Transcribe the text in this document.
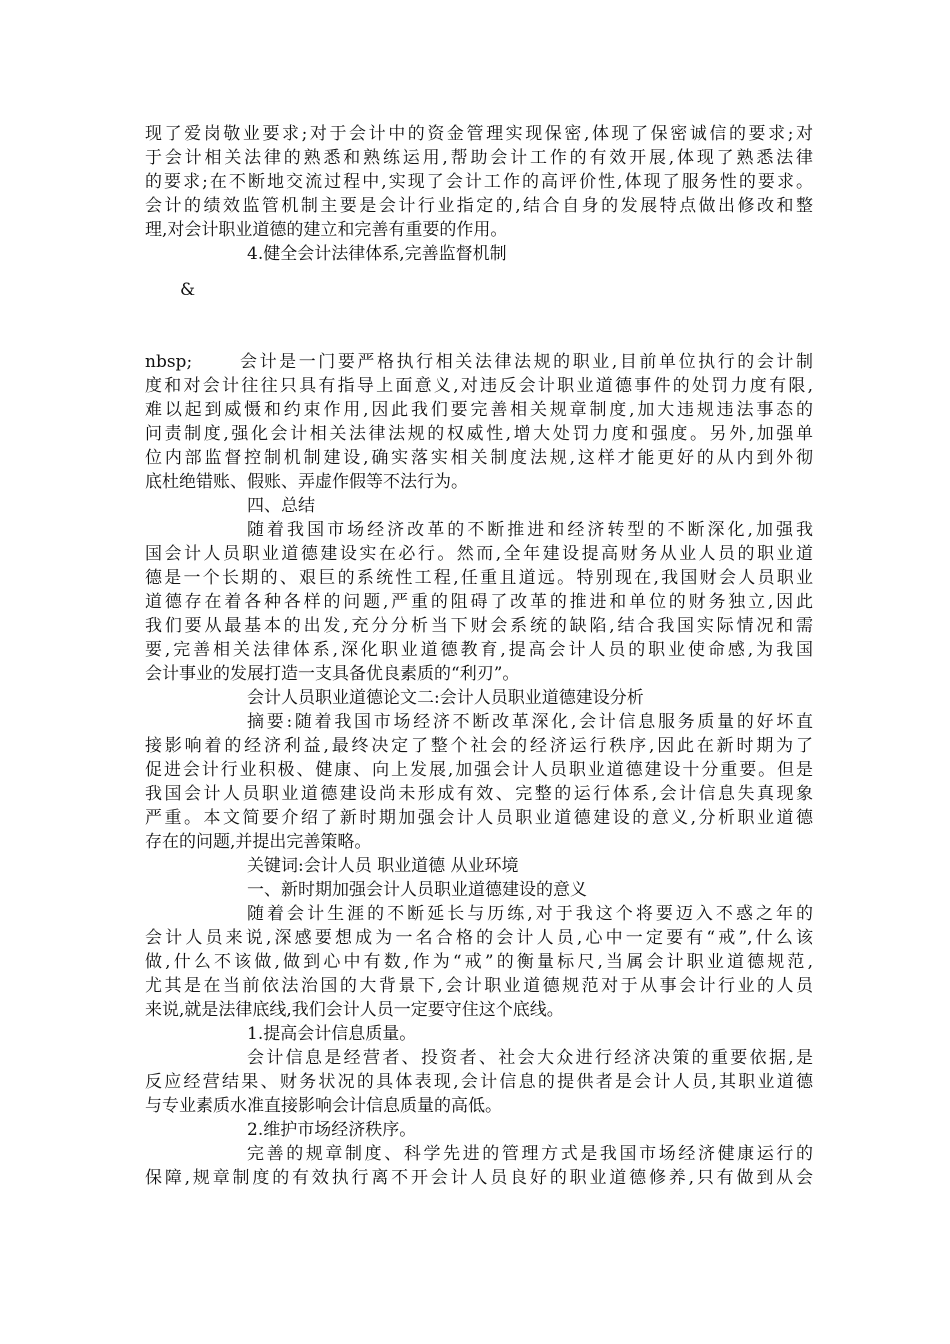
现了爱岗敬业要求;对于会计中的资金管理实现保密,体现了保密诚信的要求;对
于会计相关法律的熟悉和熟练运用,帮助会计工作的有效开展,体现了熟悉法律
的要求;在不断地交流过程中,实现了会计工作的高评价性,体现了服务性的要求。
会计的绩效监管机制主要是会计行业指定的,结合自身的发展特点做出修改和整
理,对会计职业道德的建立和完善有重要的作用。
4.健全会计法律体系,完善监督机制
&
nbsp;	会计是一门要严格执行相关法律法规的职业,目前单位执行的会计制
度和对会计往往只具有指导上面意义,对违反会计职业道德事件的处罚力度有限,
难以起到威慑和约束作用,因此我们要完善相关规章制度,加大违规违法事态的
问责制度,强化会计相关法律法规的权威性,增大处罚力度和强度。另外,加强单
位内部监督控制机制建设,确实落实相关制度法规,这样才能更好的从内到外彻
底杜绝错账、假账、弄虚作假等不法行为。
四、总结
随着我国市场经济改革的不断推进和经济转型的不断深化,加强我
国会计人员职业道德建设实在必行。然而,全年建设提高财务从业人员的职业道
德是一个长期的、艰巨的系统性工程,任重且道远。特别现在,我国财会人员职业
道德存在着各种各样的问题,严重的阻碍了改革的推进和单位的财务独立,因此
我们要从最基本的出发,充分分析当下财会系统的缺陷,结合我国实际情况和需
要,完善相关法律体系,深化职业道德教育,提高会计人员的职业使命感,为我国
会计事业的发展打造一支具备优良素质的“利刃”。
会计人员职业道德论文二:会计人员职业道德建设分析
摘要:随着我国市场经济不断改革深化,会计信息服务质量的好坏直
接影响着的经济利益,最终决定了整个社会的经济运行秩序,因此在新时期为了
促进会计行业积极、健康、向上发展,加强会计人员职业道德建设十分重要。但是
我国会计人员职业道德建设尚未形成有效、完整的运行体系,会计信息失真现象
严重。本文简要介绍了新时期加强会计人员职业道德建设的意义,分析职业道德
存在的问题,并提出完善策略。
关键词:会计人员 职业道德 从业环境
一、新时期加强会计人员职业道德建设的意义
随着会计生涯的不断延长与历练,对于我这个将要迈入不惑之年的
会计人员来说,深感要想成为一名合格的会计人员,心中一定要有“戒”,什么该
做,什么不该做,做到心中有数,作为“戒”的衡量标尺,当属会计职业道德规范,
尤其是在当前依法治国的大背景下,会计职业道德规范对于从事会计行业的人员
来说,就是法律底线,我们会计人员一定要守住这个底线。
1.提高会计信息质量。
会计信息是经营者、投资者、社会大众进行经济决策的重要依据,是
反应经营结果、财务状况的具体表现,会计信息的提供者是会计人员,其职业道德
与专业素质水准直接影响会计信息质量的高低。
2.维护市场经济秩序。
完善的规章制度、科学先进的管理方式是我国市场经济健康运行的
保障,规章制度的有效执行离不开会计人员良好的职业道德修养,只有做到从会
